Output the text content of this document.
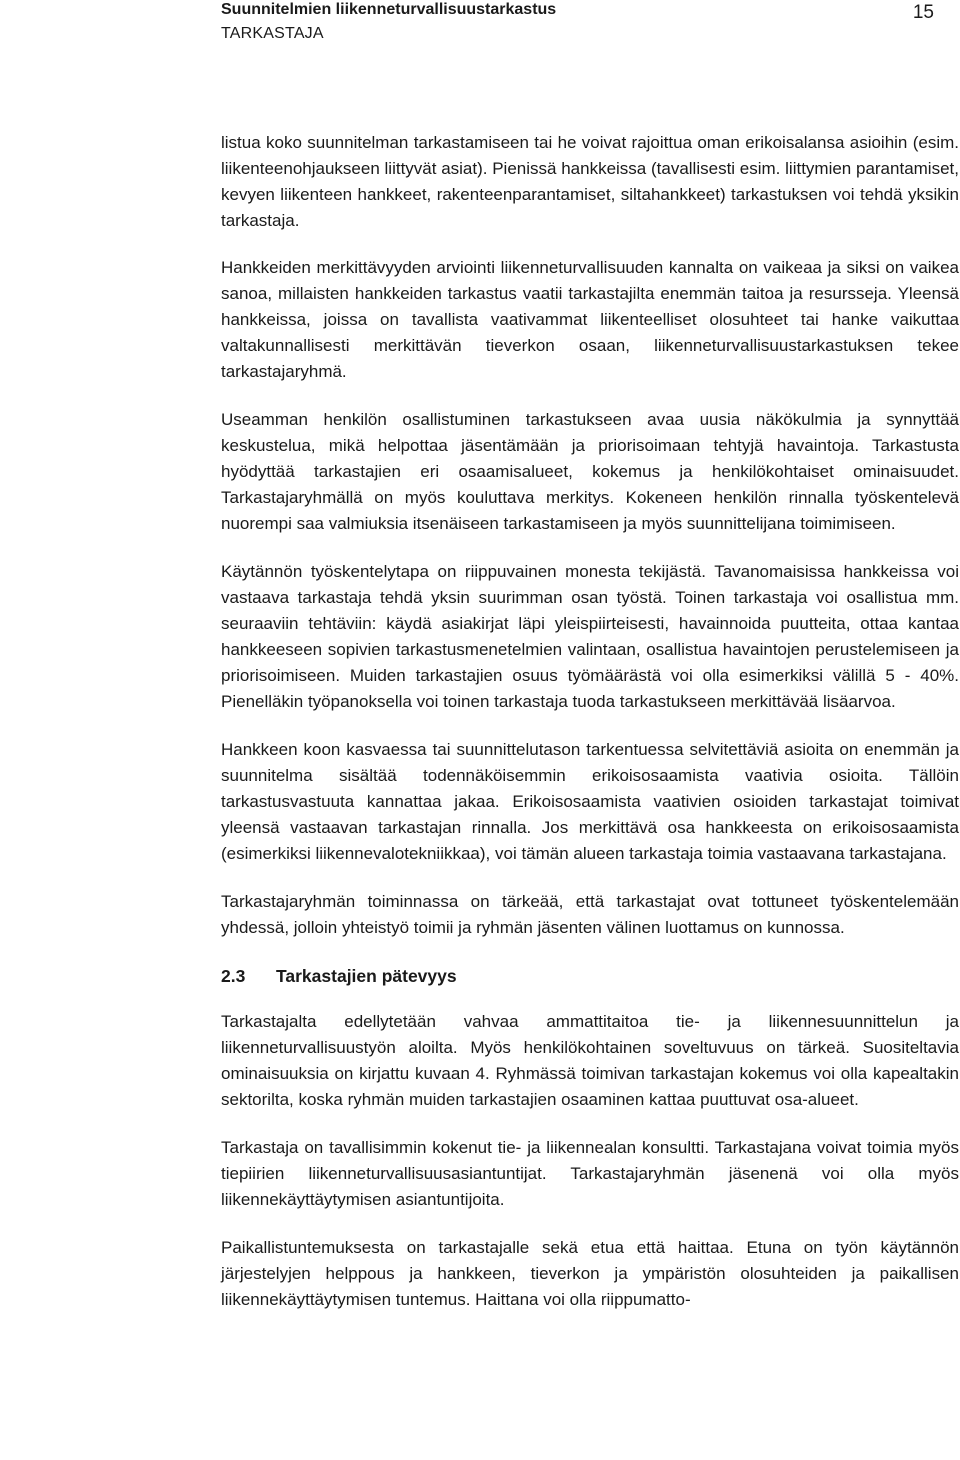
Suunnitelmien liikenneturvallisuustarkastus
TARKASTAJA
15

listua koko suunnitelman tarkastamiseen tai he voivat rajoittua oman erikoisalansa asioihin (esim. liikenteenohjaukseen liittyvät asiat). Pienissä hankkeissa (tavallisesti esim. liittymien parantamiset, kevyen liikenteen hankkeet, rakenteenparantamiset, siltahankkeet) tarkastuksen voi tehdä yksikin tarkastaja.

Hankkeiden merkittävyyden arviointi liikenneturvallisuuden kannalta on vaikeaa ja siksi on vaikea sanoa, millaisten hankkeiden tarkastus vaatii tarkastajilta enemmän taitoa ja resursseja. Yleensä hankkeissa, joissa on tavallista vaativammat liikenteelliset olosuhteet tai hanke vaikuttaa valtakunnallisesti merkittävän tieverkon osaan, liikenneturvallisuustarkastuksen tekee tarkastajaryhmä.

Useamman henkilön osallistuminen tarkastukseen avaa uusia näkökulmia ja synnyttää keskustelua, mikä helpottaa jäsentämään ja priorisoimaan tehtyjä havaintoja. Tarkastusta hyödyttää tarkastajien eri osaamisalueet, kokemus ja henkilökohtaiset ominaisuudet. Tarkastajaryhmällä on myös kouluttava merkitys. Kokeneen henkilön rinnalla työskentelevä nuorempi saa valmiuksia itsenäiseen tarkastamiseen ja myös suunnittelijana toimimiseen.

Käytännön työskentelytapa on riippuvainen monesta tekijästä. Tavanomaisissa hankkeissa voi vastaava tarkastaja tehdä yksin suurimman osan työstä. Toinen tarkastaja voi osallistua mm. seuraaviin tehtäviin: käydä asiakirjat läpi yleispiirteisesti, havainnoida puutteita, ottaa kantaa hankkeeseen sopivien tarkastusmenetelmien valintaan, osallistua havaintojen perustelemiseen ja priorisoimiseen. Muiden tarkastajien osuus työmäärästä voi olla esimerkiksi välillä 5 - 40%. Pienelläkin työpanoksella voi toinen tarkastaja tuoda tarkastukseen merkittävää lisäarvoa.

Hankkeen koon kasvaessa tai suunnittelutason tarkentuessa selvitettäviä asioita on enemmän ja suunnitelma sisältää todennäköisemmin erikoisosaamista vaativia osioita. Tällöin tarkastusvastuuta kannattaa jakaa. Erikoisosaamista vaativien osioiden tarkastajat toimivat yleensä vastaavan tarkastajan rinnalla. Jos merkittävä osa hankkeesta on erikoisosaamista (esimerkiksi liikennevalotekniikkaa), voi tämän alueen tarkastaja toimia vastaavana tarkastajana.

Tarkastajaryhmän toiminnassa on tärkeää, että tarkastajat ovat tottuneet työskentelemään yhdessä, jolloin yhteistyö toimii ja ryhmän jäsenten välinen luottamus on kunnossa.

2.3	Tarkastajien pätevyys

Tarkastajalta edellytetään vahvaa ammattitaitoa tie- ja liikennesuunnittelun ja liikenneturvallisuustyön aloilta. Myös henkilökohtainen soveltuvuus on tärkeä. Suositeltavia ominaisuuksia on kirjattu kuvaan 4. Ryhmässä toimivan tarkastajan kokemus voi olla kapealtakin sektorilta, koska ryhmän muiden tarkastajien osaaminen kattaa puuttuvat osa-alueet.

Tarkastaja on tavallisimmin kokenut tie- ja liikennealan konsultti. Tarkastajana voivat toimia myös tiepiirien liikenneturvallisuusasiantuntijat. Tarkastajaryhmän jäsenenä voi olla myös liikennekäyttäytymisen asiantuntijoita.

Paikallistuntemuksesta on tarkastajalle sekä etua että haittaa. Etuna on työn käytännön järjestelyjen helppous ja hankkeen, tieverkon ja ympäristön olosuhteiden ja paikallisen liikennekäyttäytymisen tuntemus. Haittana voi olla riippumatto-
